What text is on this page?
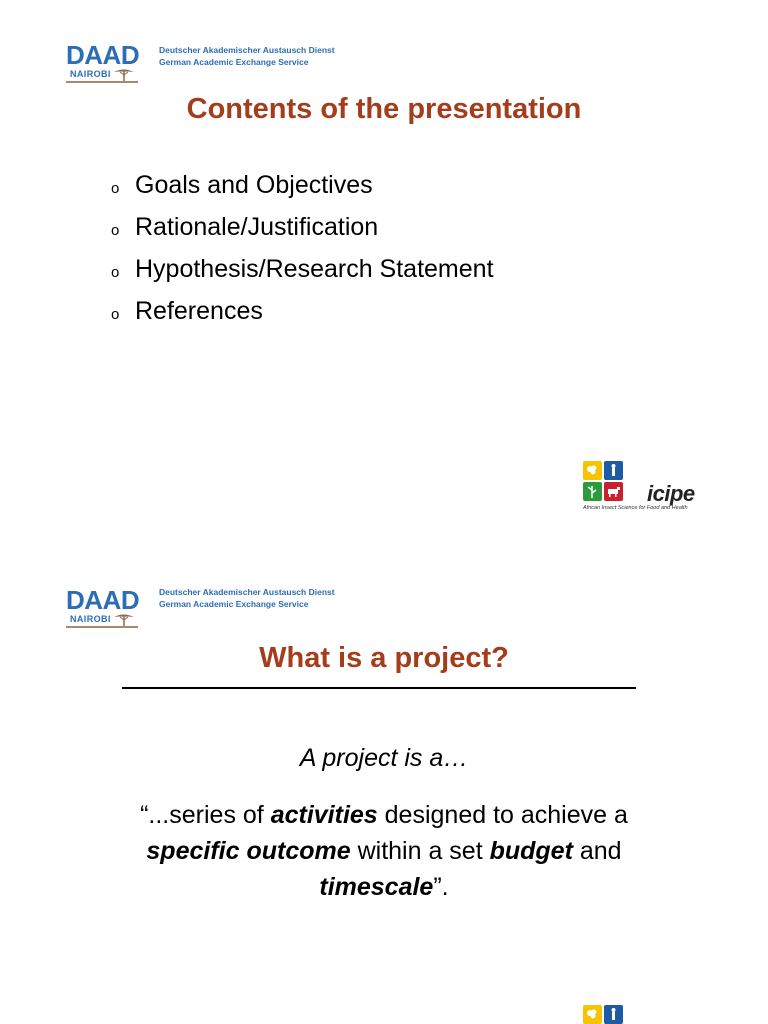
DAAD
NAIROBI
Deutscher Akademischer Austausch Dienst
German Academic Exchange Service
Contents of the presentation
o Goals and Objectives
o Rationale/Justification
o Hypothesis/Research Statement
o References
icipe
African Insect Science for Food and Health
DAAD
NAIROBI
Deutscher Akademischer Austausch Dienst
German Academic Exchange Service
What is a project?
A project is a…
“...series of activities designed to achieve a specific outcome within a set budget and timescale”.
